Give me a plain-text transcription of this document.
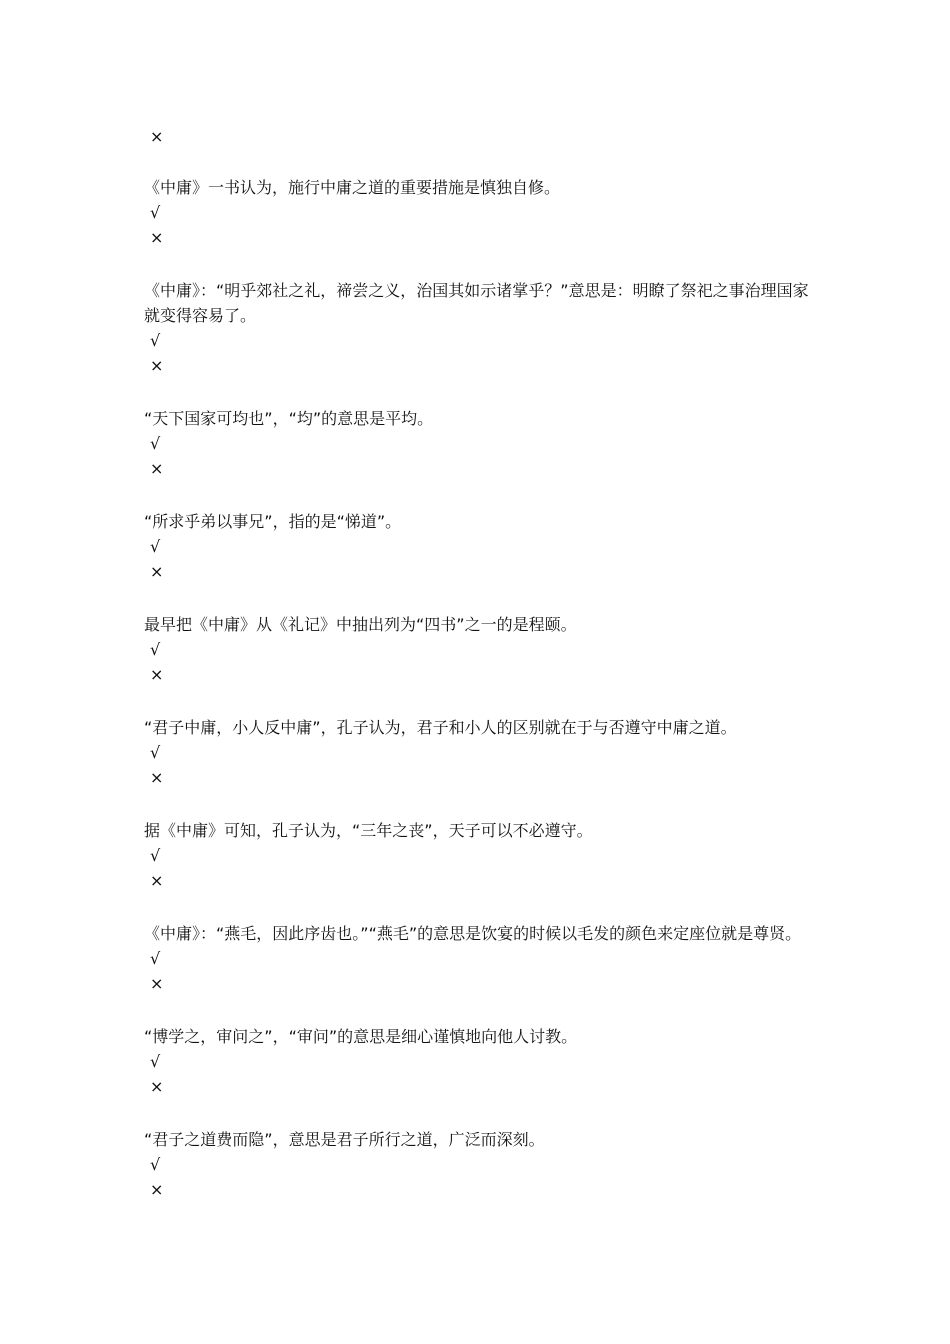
×
《中庸》一书认为，施行中庸之道的重要措施是慎独自修。
√
×
《中庸》：“明乎郊社之礼，禘尝之义，治国其如示诸掌乎？”意思是：明瞭了祭祀之事治理国家就变得容易了。
√
×
“天下国家可均也”，“均”的意思是平均。
√
×
“所求乎弟以事兄”，指的是“悌道”。
√
×
最早把《中庸》从《礼记》中抽出列为“四书”之一的是程颐。
√
×
“君子中庸，小人反中庸”，孔子认为，君子和小人的区别就在于与否遵守中庸之道。
√
×
据《中庸》可知，孔子认为，“三年之丧”，天子可以不必遵守。
√
×
《中庸》：“燕毛，因此序齿也。”“燕毛”的意思是饮宴的时候以毛发的颜色来定座位就是尊贤。
√
×
“博学之，审问之”，“审问”的意思是细心谨慎地向他人讨教。
√
×
“君子之道费而隐”，意思是君子所行之道，广泛而深刻。
√
×
